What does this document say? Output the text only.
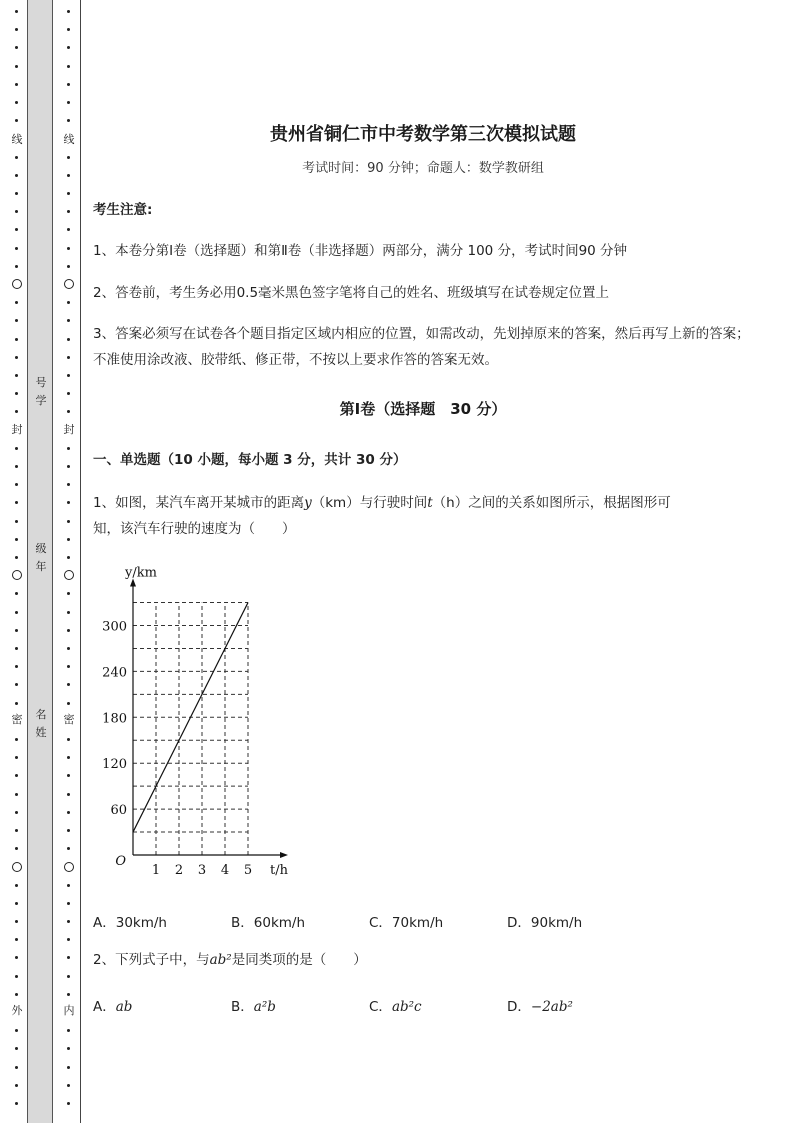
线
封
密
外
号
学
级
年
名
姓
线
封
密
内
贵州省铜仁市中考数学第三次模拟试题
考试时间：90 分钟；命题人：数学教研组
考生注意:
1、本卷分第Ⅰ卷（选择题）和第Ⅱ卷（非选择题）两部分，满分 100 分，考试时间90 分钟
2、答卷前，考生务必用0.5毫米黑色签字笔将自己的姓名、班级填写在试卷规定位置上
3、答案必须写在试卷各个题目指定区域内相应的位置，如需改动，先划掉原来的答案，然后再写上新的答案；不准使用涂改液、胶带纸、修正带，不按以上要求作答的答案无效。
第Ⅰ卷（选择题　30 分）
一、单选题（10 小题，每小题 3 分，共计 30 分）
1、如图，某汽车离开某城市的距离y（km）与行驶时间t（h）之间的关系如图所示，根据图形可
知，该汽车行驶的速度为（　　）
1 2 3 4 5
60
120
180
240
300
O
t/h
y/km
A．30km/h	B．60km/h	C．70km/h	D．90km/h
2、下列式子中，与ab²是同类项的是（　　）
A．ab	B．a²b	C．ab²c	D．−2ab²
